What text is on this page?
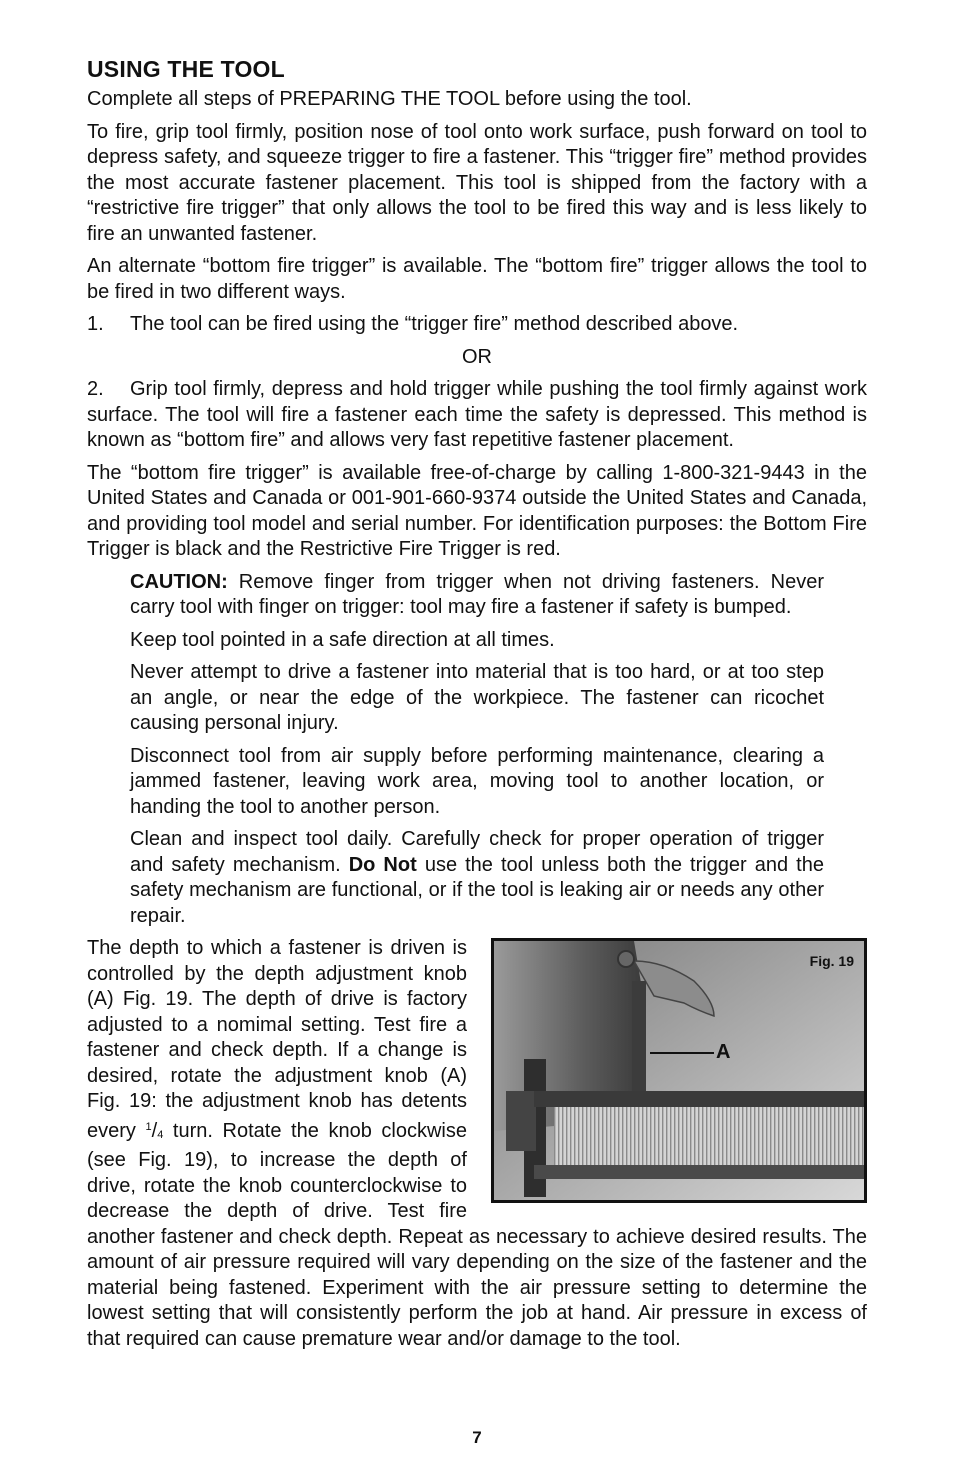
USING THE TOOL

Complete all steps of PREPARING THE TOOL before using the tool.

To fire, grip tool firmly, position nose of tool onto work surface, push forward on tool to depress safety, and squeeze trigger to fire a fastener. This “trigger fire” method provides the most accurate fastener placement. This tool is shipped from the factory with a “restrictive fire trigger” that only allows the tool to be fired this way and is less likely to fire an unwanted fastener.

An alternate “bottom fire trigger” is available. The “bottom fire” trigger allows the tool to be fired in two different ways.

1. The tool can be fired using the “trigger fire” method described above.

OR

2. Grip tool firmly, depress and hold trigger while pushing the tool firmly against work surface. The tool will fire a fastener each time the safety is depressed. This method is known as “bottom fire” and allows very fast repetitive fastener placement.

The “bottom fire trigger” is available free-of-charge by calling 1-800-321-9443 in the United States and Canada or 001-901-660-9374 outside the United States and Canada, and providing tool model and serial number. For identification purposes: the Bottom Fire Trigger is black and the Restrictive Fire Trigger is red.

CAUTION: Remove finger from trigger when not driving fasteners. Never carry tool with finger on trigger: tool may fire a fastener if safety is bumped.

Keep tool pointed in a safe direction at all times.

Never attempt to drive a fastener into material that is too hard, or at too step an angle, or near the edge of the workpiece. The fastener can ricochet causing personal injury.

Disconnect tool from air supply before performing maintenance, clearing a jammed fastener, leaving work area, moving tool to another location, or handing the tool to another person.

Clean and inspect tool daily. Carefully check for proper operation of trigger and safety mechanism. Do Not use the tool unless both the trigger and the safety mechanism are functional, or if the tool is leaking air or needs any other repair.

Fig. 19
A

The depth to which a fastener is driven is controlled by the depth adjustment knob (A) Fig. 19. The depth of drive is factory adjusted to a nomimal setting. Test fire a fastener and check depth. If a change is desired, rotate the adjustment knob (A) Fig. 19: the adjustment knob has detents every $^1/_4$ turn. Rotate the knob clockwise (see Fig. 19), to increase the depth of drive, rotate the knob counterclockwise to decrease the depth of drive. Test fire another fastener and check depth. Repeat as necessary to achieve desired results. The amount of air pressure required will vary depending on the size of the fastener and the material being fastened. Experiment with the air pressure setting to determine the lowest setting that will consistently perform the job at hand. Air pressure in excess of that required can cause premature wear and/or damage to the tool.

7
